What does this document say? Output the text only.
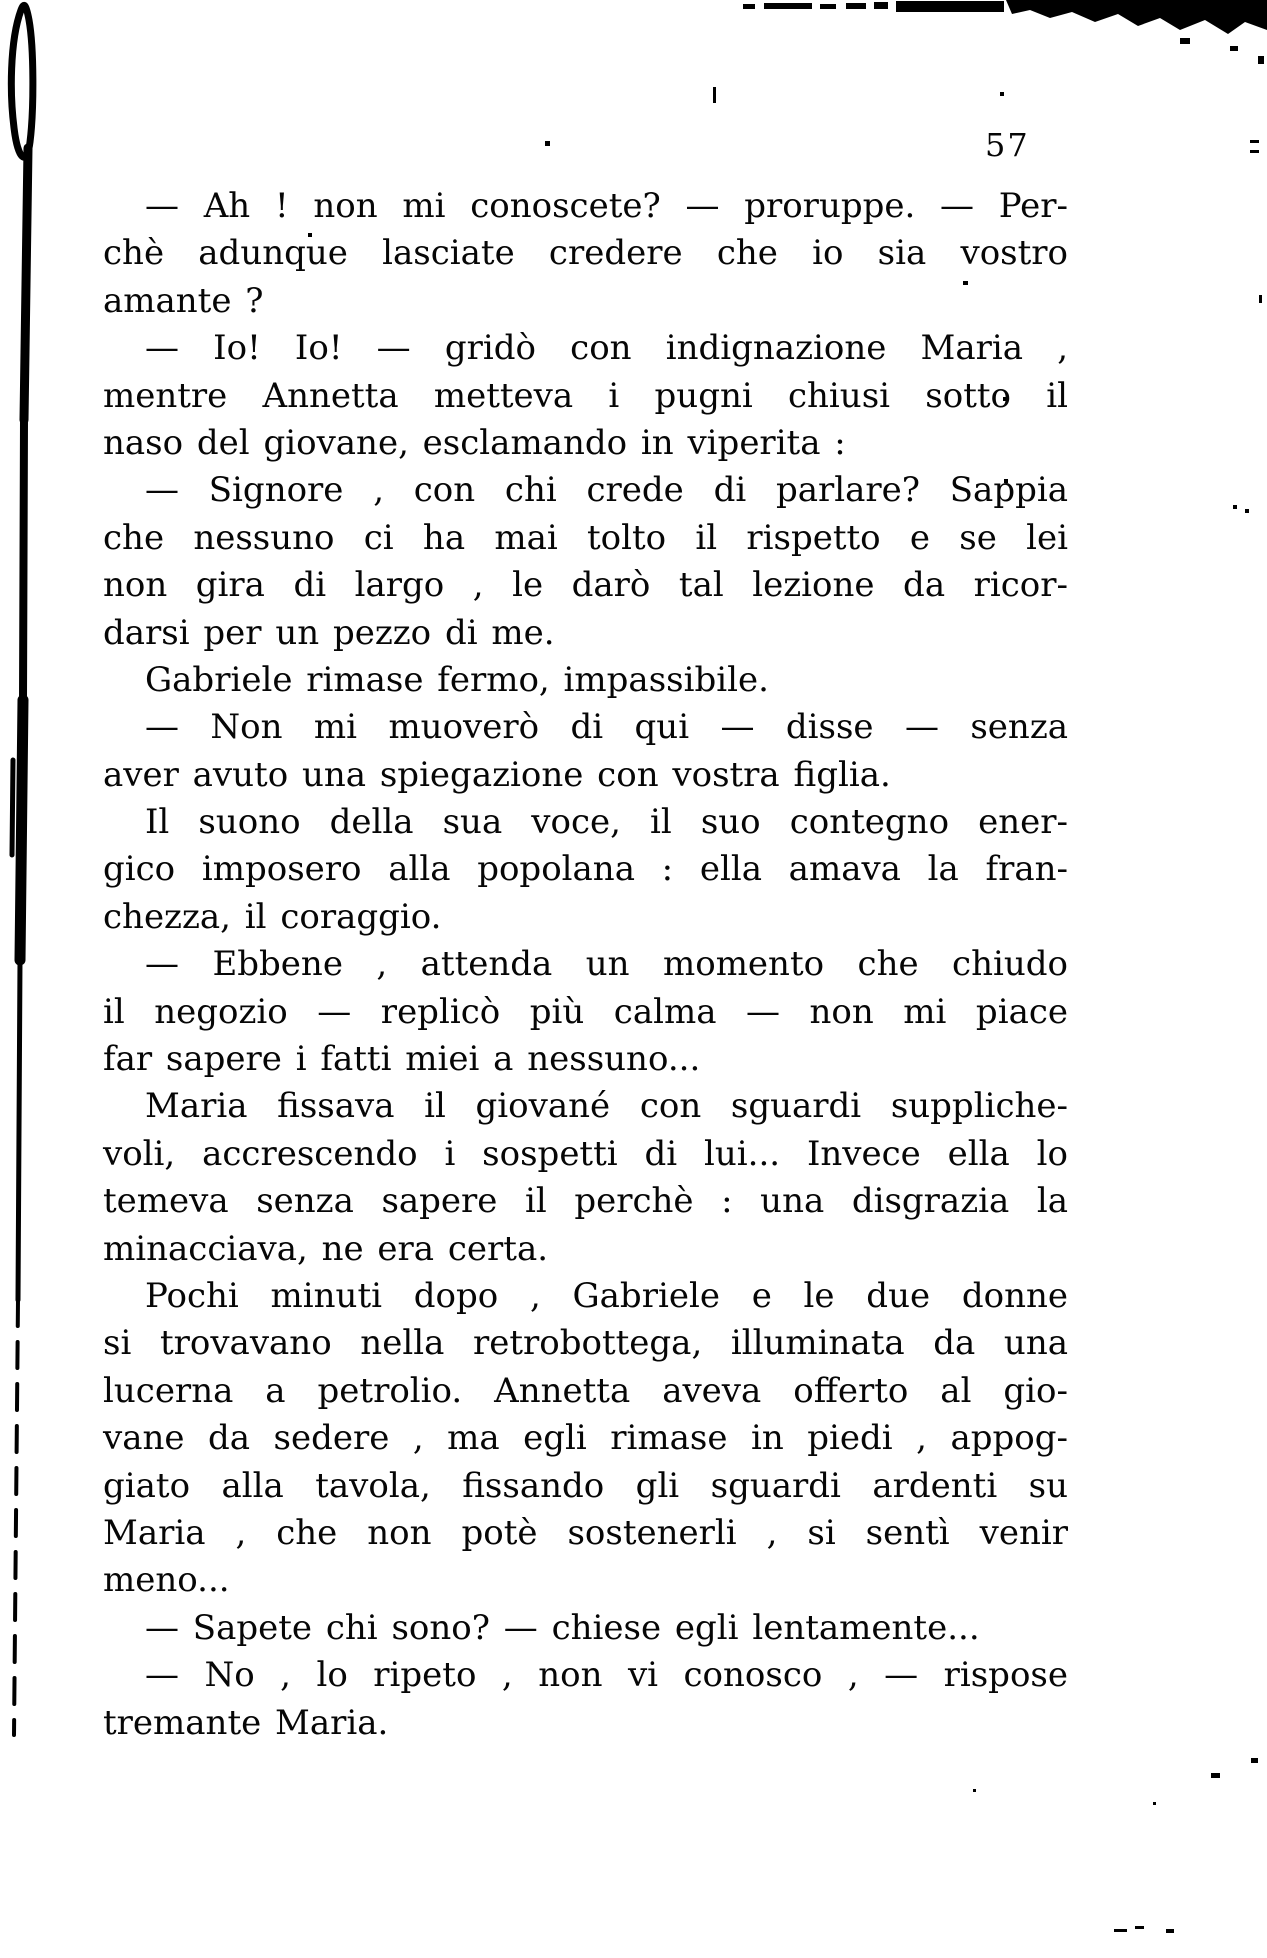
57
— Ah ! non mi conoscete? — proruppe. — Per-
chè adunque lasciate credere che io sia vostro
amante ?
— Io! Io! — gridò con indignazione Maria ,
mentre Annetta metteva i pugni chiusi sotto il
naso del giovane, esclamando in viperita :
— Signore , con chi crede di parlare? Sappia
che nessuno ci ha mai tolto il rispetto e se lei
non gira di largo , le darò tal lezione da ricor-
darsi per un pezzo di me.
Gabriele rimase fermo, impassibile.
— Non mi muoverò di qui — disse — senza
aver avuto una spiegazione con vostra figlia.
Il suono della sua voce, il suo contegno ener-
gico imposero alla popolana : ella amava la fran-
chezza, il coraggio.
— Ebbene , attenda un momento che chiudo
il negozio — replicò più calma — non mi piace
far sapere i fatti miei a nessuno...
Maria fissava il giované con sguardi suppliche-
voli, accrescendo i sospetti di lui... Invece ella lo
temeva senza sapere il perchè : una disgrazia la
minacciava, ne era certa.
Pochi minuti dopo , Gabriele e le due donne
si trovavano nella retrobottega, illuminata da una
lucerna a petrolio. Annetta aveva offerto al gio-
vane da sedere , ma egli rimase in piedi , appog-
giato alla tavola, fissando gli sguardi ardenti su
Maria , che non potè sostenerli , si sentì venir
meno...
— Sapete chi sono? — chiese egli lentamente...
— No , lo ripeto , non vi conosco , — rispose
tremante Maria.
